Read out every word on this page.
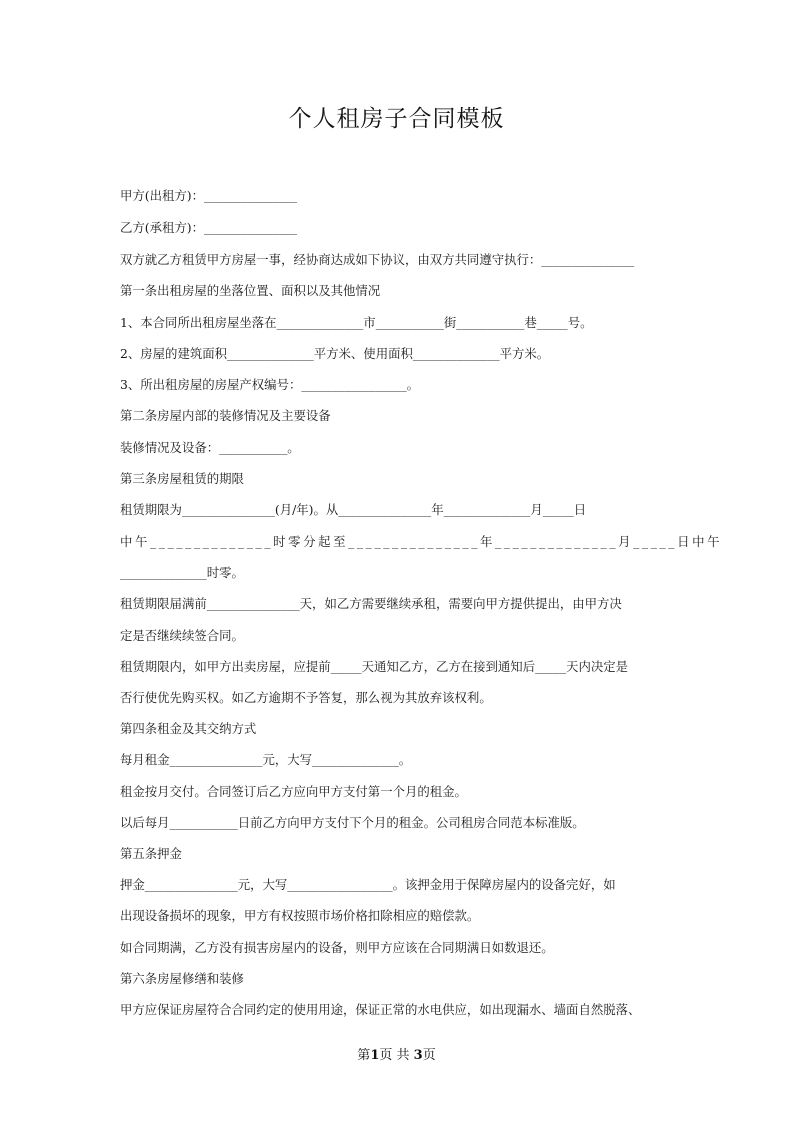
个人租房子合同模板
甲方(出租方)：_______________
乙方(承租方)：_______________
双方就乙方租赁甲方房屋一事，经协商达成如下协议，由双方共同遵守执行：_______________
第一条出租房屋的坐落位置、面积以及其他情况
1、本合同所出租房屋坐落在______________市___________街___________巷_____号。
2、房屋的建筑面积______________平方米、使用面积______________平方米。
3、所出租房屋的房屋产权编号：_________________。
第二条房屋内部的装修情况及主要设备
装修情况及设备：___________。
第三条房屋租赁的期限
租赁期限为_______________(月/年)。从_______________年______________月_____日
中午______________时零分起至_______________年______________月_____日中午
______________时零。
租赁期限届满前_______________天，如乙方需要继续承租，需要向甲方提供提出，由甲方决
定是否继续续签合同。
租赁期限内，如甲方出卖房屋，应提前_____天通知乙方，乙方在接到通知后_____天内决定是
否行使优先购买权。如乙方逾期不予答复，那么视为其放弃该权利。
第四条租金及其交纳方式
每月租金_______________元，大写______________。
租金按月交付。合同签订后乙方应向甲方支付第一个月的租金。
以后每月___________日前乙方向甲方支付下个月的租金。公司租房合同范本标准版。
第五条押金
押金_______________元，大写_________________。该押金用于保障房屋内的设备完好，如
出现设备损坏的现象，甲方有权按照市场价格扣除相应的赔偿款。
如合同期满，乙方没有损害房屋内的设备，则甲方应该在合同期满日如数退还。
第六条房屋修缮和装修
甲方应保证房屋符合合同约定的使用用途，保证正常的水电供应，如出现漏水、墙面自然脱落、
第1页 共 3页
